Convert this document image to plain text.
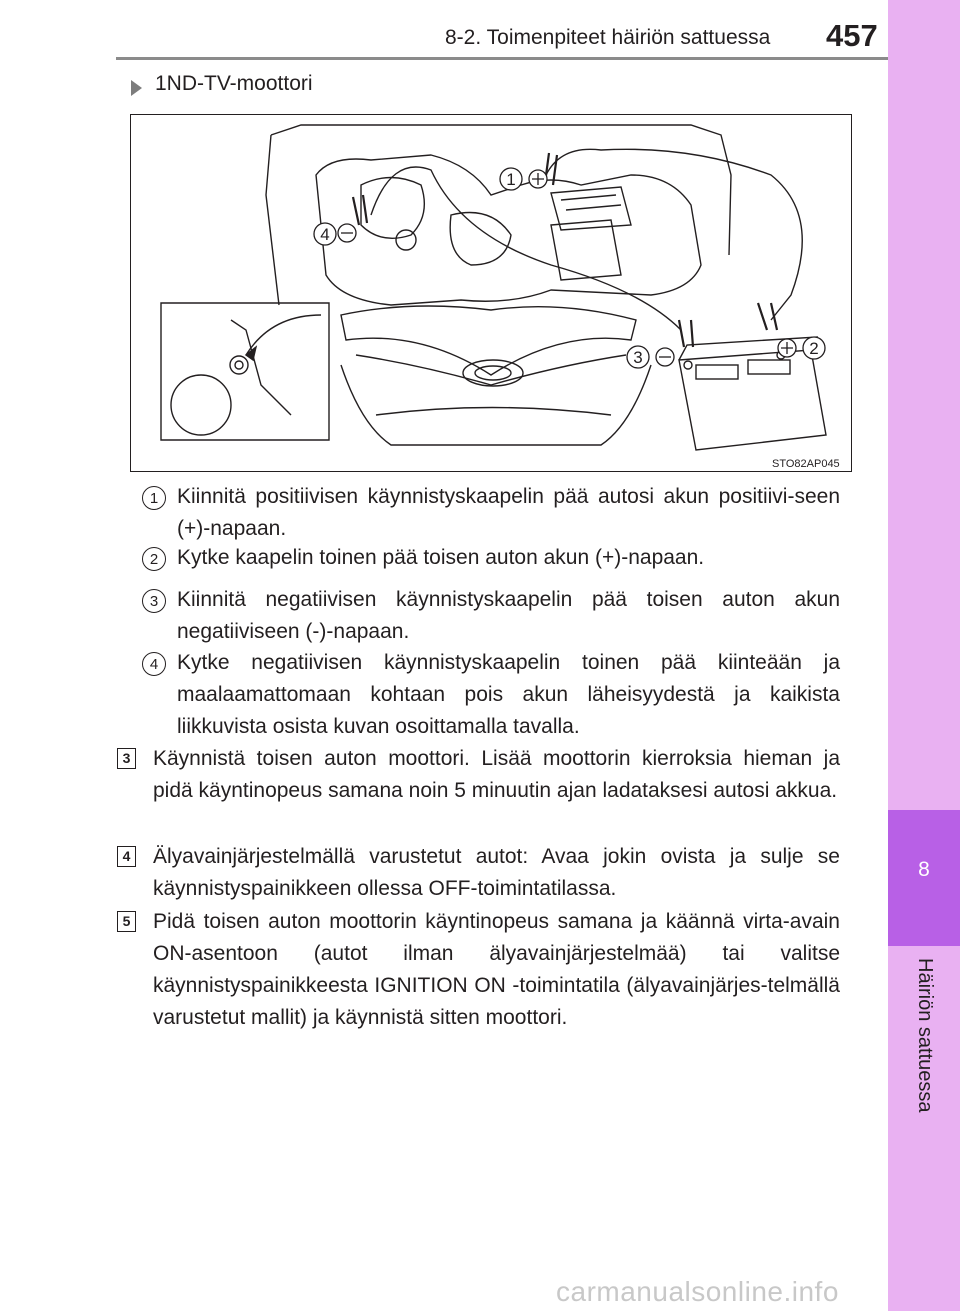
8
Häiriön sattuessa
8-2. Toimenpiteet häiriön sattuessa 457
1ND-TV-moottori
1
2
3
4
STO82AP045
1 Kiinnitä positiivisen käynnistyskaapelin pää autosi akun positiivi-seen (+)-napaan.
2 Kytke kaapelin toinen pää toisen auton akun (+)-napaan.
3 Kiinnitä negatiivisen käynnistyskaapelin pää toisen auton akun negatiiviseen (-)-napaan.
4 Kytke negatiivisen käynnistyskaapelin toinen pää kiinteään ja maalaamattomaan kohtaan pois akun läheisyydestä ja kaikista liikkuvista osista kuvan osoittamalla tavalla.
3 Käynnistä toisen auton moottori. Lisää moottorin kierroksia hieman ja pidä käyntinopeus samana noin 5 minuutin ajan ladataksesi autosi akkua.
4 Älyavainjärjestelmällä varustetut autot: Avaa jokin ovista ja sulje se käynnistyspainikkeen ollessa OFF-toimintatilassa.
5 Pidä toisen auton moottorin käyntinopeus samana ja käännä virta-avain ON-asentoon (autot ilman älyavainjärjestelmää) tai valitse käynnistyspainikkeesta IGNITION ON -toimintatila (älyavainjärjes-telmällä varustetut mallit) ja käynnistä sitten moottori.
carmanualsonline.info
